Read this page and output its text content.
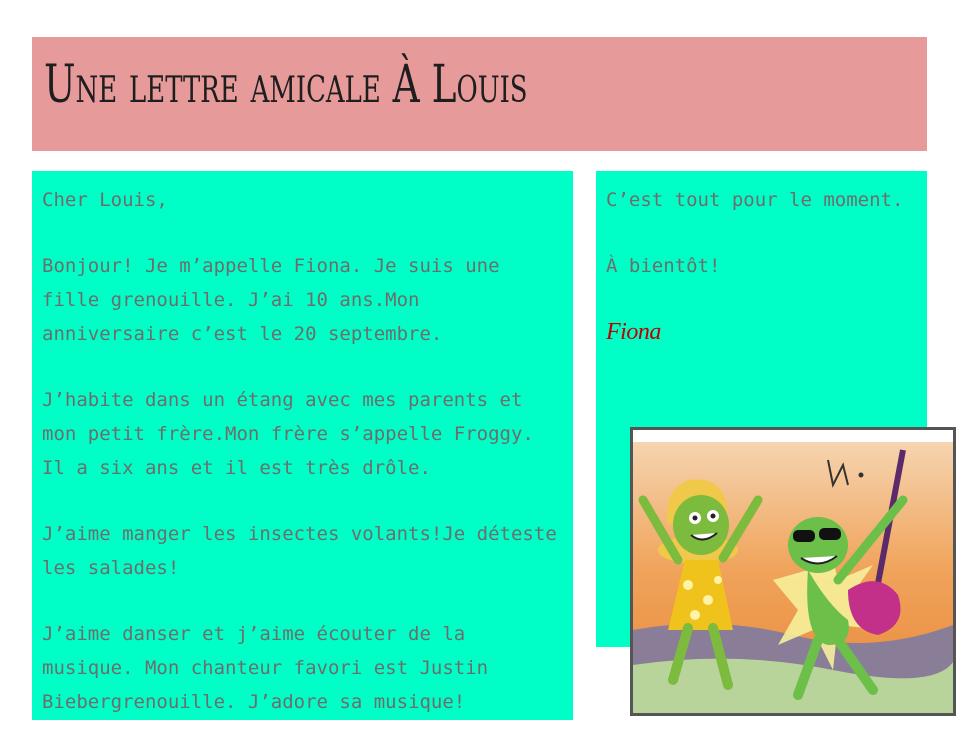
Une lettre amicale À Louis

Cher Louis,

Bonjour! Je m’appelle Fiona. Je suis une fille grenouille. J’ai 10 ans.Mon anniversaire c’est le 20 septembre.

J’habite dans un étang avec mes parents et mon petit frère.Mon frère s’appelle Froggy. Il a six ans et il est très drôle.

J’aime manger les insectes volants!Je déteste les salades!

J’aime danser et j’aime écouter de la musique. Mon chanteur favori est Justin Biebergrenouille. J’adore sa musique!

C’est tout pour le moment.

À bientôt!

Fiona
